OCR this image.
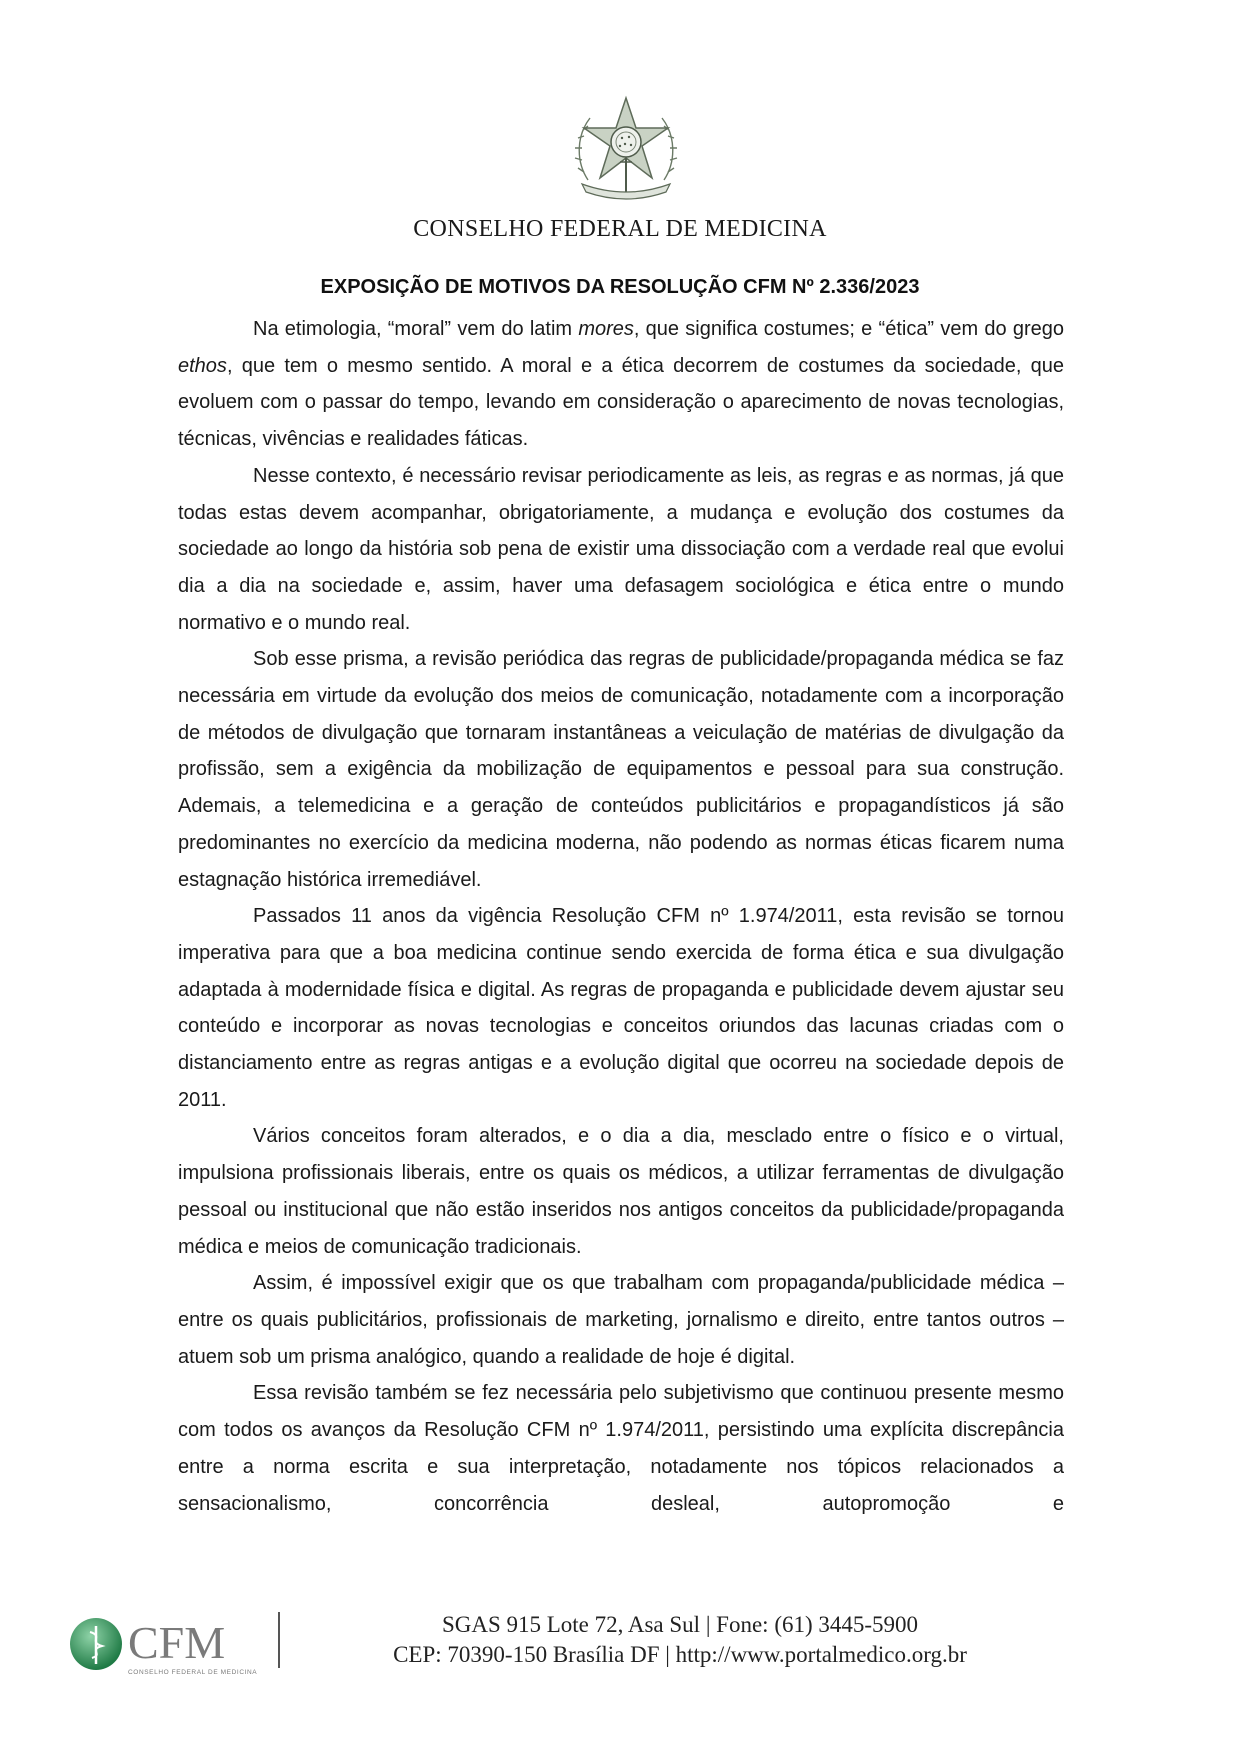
CONSELHO FEDERAL DE MEDICINA
EXPOSIÇÃO DE MOTIVOS DA RESOLUÇÃO CFM Nº 2.336/2023

Na etimologia, “moral” vem do latim mores, que significa costumes; e “ética” vem do grego ethos, que tem o mesmo sentido. A moral e a ética decorrem de costumes da sociedade, que evoluem com o passar do tempo, levando em consideração o aparecimento de novas tecnologias, técnicas, vivências e realidades fáticas.

Nesse contexto, é necessário revisar periodicamente as leis, as regras e as normas, já que todas estas devem acompanhar, obrigatoriamente, a mudança e evolução dos costumes da sociedade ao longo da história sob pena de existir uma dissociação com a verdade real que evolui dia a dia na sociedade e, assim, haver uma defasagem sociológica e ética entre o mundo normativo e o mundo real.

Sob esse prisma, a revisão periódica das regras de publicidade/propaganda médica se faz necessária em virtude da evolução dos meios de comunicação, notadamente com a incorporação de métodos de divulgação que tornaram instantâneas a veiculação de matérias de divulgação da profissão, sem a exigência da mobilização de equipamentos e pessoal para sua construção. Ademais, a telemedicina e a geração de conteúdos publicitários e propagandísticos já são predominantes no exercício da medicina moderna, não podendo as normas éticas ficarem numa estagnação histórica irremediável.

Passados 11 anos da vigência Resolução CFM nº 1.974/2011, esta revisão se tornou imperativa para que a boa medicina continue sendo exercida de forma ética e sua divulgação adaptada à modernidade física e digital. As regras de propaganda e publicidade devem ajustar seu conteúdo e incorporar as novas tecnologias e conceitos oriundos das lacunas criadas com o distanciamento entre as regras antigas e a evolução digital que ocorreu na sociedade depois de 2011.

Vários conceitos foram alterados, e o dia a dia, mesclado entre o físico e o virtual, impulsiona profissionais liberais, entre os quais os médicos, a utilizar ferramentas de divulgação pessoal ou institucional que não estão inseridos nos antigos conceitos da publicidade/propaganda médica e meios de comunicação tradicionais.

Assim, é impossível exigir que os que trabalham com propaganda/publicidade médica – entre os quais publicitários, profissionais de marketing, jornalismo e direito, entre tantos outros – atuem sob um prisma analógico, quando a realidade de hoje é digital.

Essa revisão também se fez necessária pelo subjetivismo que continuou presente mesmo com todos os avanços da Resolução CFM nº 1.974/2011, persistindo uma explícita discrepância entre a norma escrita e sua interpretação, notadamente nos tópicos relacionados a sensacionalismo, concorrência desleal, autopromoção e

CFM
CONSELHO FEDERAL DE MEDICINA
SGAS 915 Lote 72, Asa Sul | Fone: (61) 3445-5900
CEP: 70390-150 Brasília DF | http://www.portalmedico.org.br
